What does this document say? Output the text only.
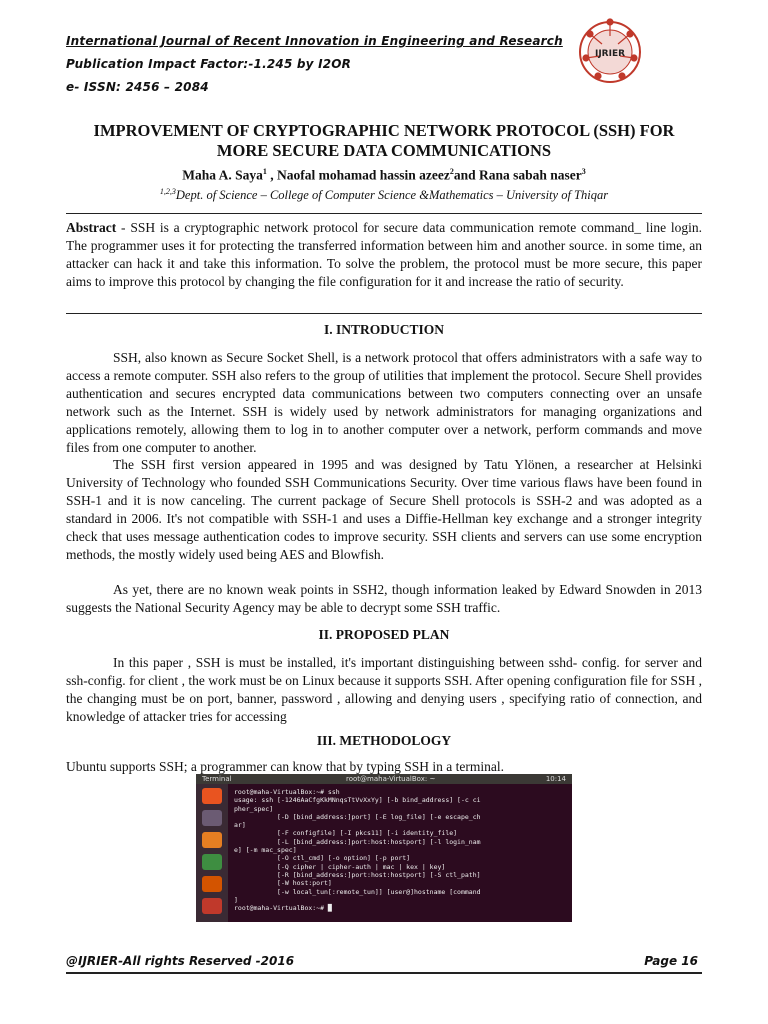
International Journal of Recent Innovation in Engineering and Research
Publication Impact Factor:-1.245 by I2OR
e- ISSN: 2456 – 2084
IJRIER
IMPROVEMENT OF CRYPTOGRAPHIC NETWORK PROTOCOL (SSH) FOR
MORE SECURE DATA COMMUNICATIONS
Maha A. Saya$^1$ , Naofal mohamad hassin azeez$^2$and Rana sabah naser$^3$
$^{1,2,3}$Dept. of Science – College of Computer Science &Mathematics – University of Thiqar
Abstract - SSH is a cryptographic network protocol for secure data communication remote command_ line login. The programmer uses it for protecting the transferred information between him and another source. in some time, an attacker can hack it and take this information. To solve the problem, the protocol must be more secure, this paper aims to improve this protocol by changing the file configuration for it and increase the ratio of security.
I. INTRODUCTION
SSH, also known as Secure Socket Shell, is a network protocol that offers administrators with a safe way to access a remote computer. SSH also refers to the group of utilities that implement the protocol. Secure Shell provides authentication and secures encrypted data communications between two computers connecting over an unsafe network such as the Internet. SSH is widely used by network administrators for managing organizations and applications remotely, allowing them to log in to another computer over a network, perform commands and move files from one computer to another.
The SSH first version appeared in 1995 and was designed by Tatu Ylönen, a researcher at Helsinki University of Technology who founded SSH Communications Security. Over time various flaws have been found in SSH-1 and it is now canceling. The current package of Secure Shell protocols is SSH-2 and was adopted as a standard in 2006. It's not compatible with SSH-1 and uses a Diffie-Hellman key exchange and a stronger integrity check that uses message authentication codes to improve security. SSH clients and servers can use some encryption methods, the mostly widely used being AES and Blowfish.
As yet, there are no known weak points in SSH2, though information leaked by Edward Snowden in 2013 suggests the National Security Agency may be able to decrypt some SSH traffic.
II. PROPOSED PLAN
In this paper , SSH is must be installed, it's important distinguishing between sshd- config. for server and ssh-config. for client , the work must be on Linux because it supports SSH. After opening configuration file for SSH , the changing must be on port, banner, password , allowing and denying users , specifying ratio of connection, and knowledge of attacker tries for accessing
III. METHODOLOGY
Ubuntu supports SSH; a programmer can know that by typing SSH in a terminal.
Terminal	root@maha-VirtualBox: ~	10:14
root@maha-VirtualBox:~# ssh
usage: ssh [-1246AaCfgKkMNnqsTtVvXxYy] [-b bind_address] [-c ci
pher_spec]
[-D [bind_address:]port] [-E log_file] [-e escape_ch
ar]
[-F configfile] [-I pkcs11] [-i identity_file]
[-L [bind_address:]port:host:hostport] [-l login_nam
e] [-m mac_spec]
[-O ctl_cmd] [-o option] [-p port]
[-Q cipher | cipher-auth | mac | kex | key]
[-R [bind_address:]port:host:hostport] [-S ctl_path]
[-W host:port]
[-w local_tun[:remote_tun]] [user@]hostname [command
]
root@maha-VirtualBox:~# █
@IJRIER-All rights Reserved -2016	Page 16
